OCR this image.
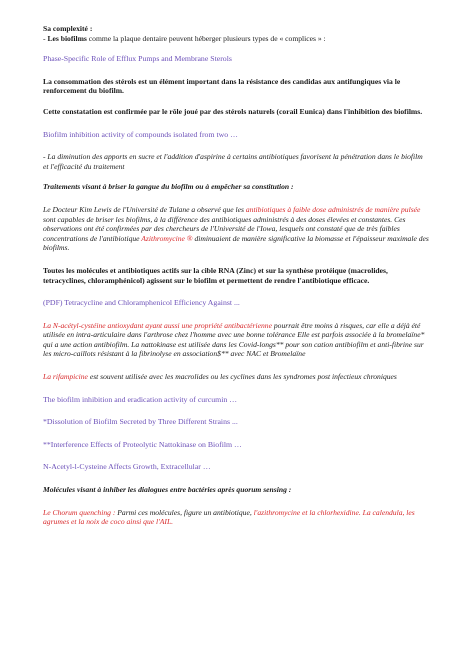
Sa complexité :

- Les biofilms comme la plaque dentaire peuvent héberger plusieurs types de « complices » :

Phase-Specific Role of Efflux Pumps and Membrane Sterols

La consommation des stérols est un élément important dans la résistance des candidas aux antifungiques via le renforcement du biofilm.

Cette constatation est confirmée par le rôle joué par des stérols naturels (corail Eunica) dans l'inhibition des biofilms.

Biofilm inhibition activity of compounds isolated from two …

- La diminution des apports en sucre et l'addition d'aspirine à certains antibiotiques favorisent la pénétration dans le biofilm et l'efficacité du traitement

Traitements visant à briser la gangue du biofilm ou à empêcher sa constitution :

Le Docteur Kim Lewis de l'Université de Tulane a observé que les antibiotiques à faible dose administrés de manière pulsée sont capables de briser les biofilms, à la différence des antibiotiques administrés à des doses élevées et constantes. Ces observations ont été confirmées par des chercheurs de l'Université de l'Iowa, lesquels ont constaté que de très faibles concentrations de l'antibiotique Azithromycine ® diminuaient de manière significative la biomasse et l'épaisseur maximale des biofilms.

Toutes les molécules et antibiotiques actifs sur la cible RNA (Zinc) et sur la synthèse protéique (macrolides, tetracyclines, chloramphénicol) agissent sur le biofilm et permettent de rendre l'antibiotique efficace.

(PDF) Tetracycline and Chloramphenicol Efficiency Against ...

La N-acétyl-cystéine antioxydant ayant aussi une propriété antibactérienne pourrait être moins à risques, car elle a déjà été utilisée en intra-articulaire dans l'arthrose chez l'homme avec une bonne tolérance Elle est parfois associée à la bromelaïne* qui a une action antibiofilm. La nattokinase est utilisée dans les Covid-longs** pour son cation antibiofilm et anti-fibrine sur les micro-caillots résistant à la fibrinolyse en association$** avec NAC et Bromelaïne

La rifampicine est souvent utilisée avec les macrolides ou les cyclines dans les syndromes post infectieux chroniques

The biofilm inhibition and eradication activity of curcumin …

*Dissolution of Biofilm Secreted by Three Different Strains ...

**Interference Effects of Proteolytic Nattokinase on Biofilm …

N-Acetyl-l-Cysteine Affects Growth, Extracellular …

Molécules visant à inhiber les dialogues entre bactéries après quorum sensing :

Le Chorum quenching : Parmi ces molécules, figure un antibiotique, l'azithromycine et la chlorhexidine. La calendula, les agrumes et la noix de coco ainsi que l'AIL.
